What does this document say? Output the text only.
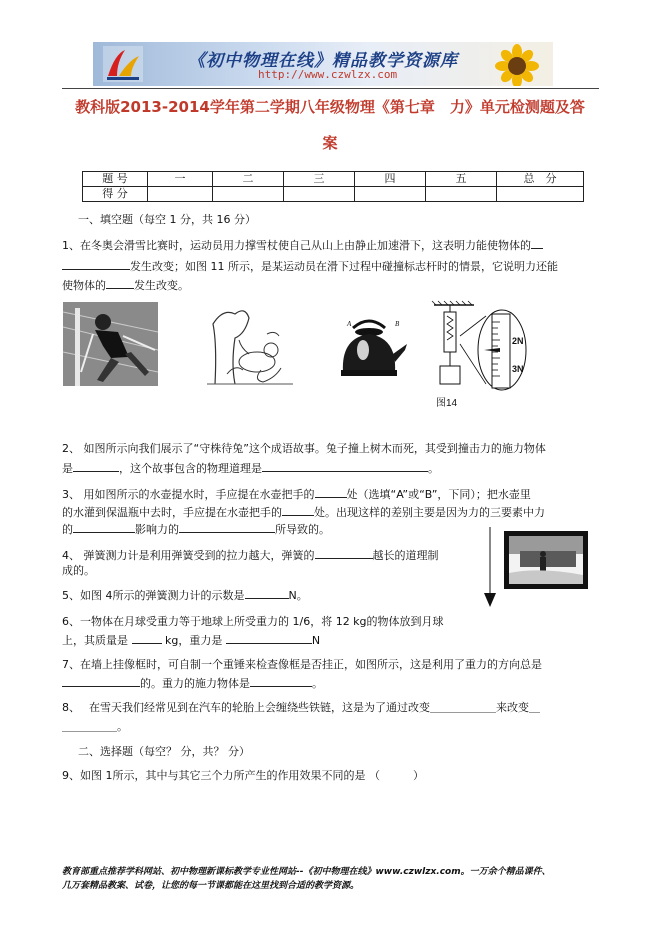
《初中物理在线》精品教学资源库
http://www.czwlzx.com
教科版2013-2014学年第二学期八年级物理《第七章　力》单元检测题及答
案
题 号	一	二	三	四	五	总　分
得 分						
一、填空题（每空 1 分，共 16 分）
1、在冬奥会滑雪比赛时，运动员用力撑雪杖使自己从山上由静止加速滑下，这表明力能使物体的
发生改变；如图 11 所示，是某运动员在滑下过程中碰撞标志杆时的情景，它说明力还能
使物体的	发生改变。
A	B
2N
3N
图14
2、 如图所示向我们展示了“守株待兔”这个成语故事。兔子撞上树木而死，其受到撞击力的施力物体
是	，这个故事包含的物理道理是	。
3、 用如图所示的水壶提水时，手应提在水壶把手的	处（选填“A”或“B”，下同）；把水壶里
的水灌到保温瓶中去时，手应提在水壶把手的	处。出现这样的差别主要是因为力的三要素中力
的	影响力的	所导致的。
4、 弹簧测力计是利用弹簧受到的拉力越大，弹簧的	越长的道理制
成的。
5、如图 4所示的弹簧测力计的示数是	N。
6、一物体在月球受重力等于地球上所受重力的 1/6，将 12 kg的物体放到月球
上，其质量是	kg，重力是	N
7、在墙上挂像框时，可自制一个重锤来检查像框是否挂正，如图所示，这是利用了重力的方向总是
的。重力的施力物体是	。
8、　 在雪天我们经常见到在汽车的轮胎上会缠绕些铁链，这是为了通过改变＿＿＿＿＿＿来改变＿
＿＿＿＿＿。
二、选择题（每空？ 分，共？ 分）
9、如图 1所示，其中与其它三个力所产生的作用效果不同的是 （　　　）
教育部重点推荐学科网站、初中物理新课标教学专业性网站--《初中物理在线》www.czwlzx.com。一万余个精品课件、
几万套精品教案、试卷，让您的每一节课都能在这里找到合适的教学资源。
